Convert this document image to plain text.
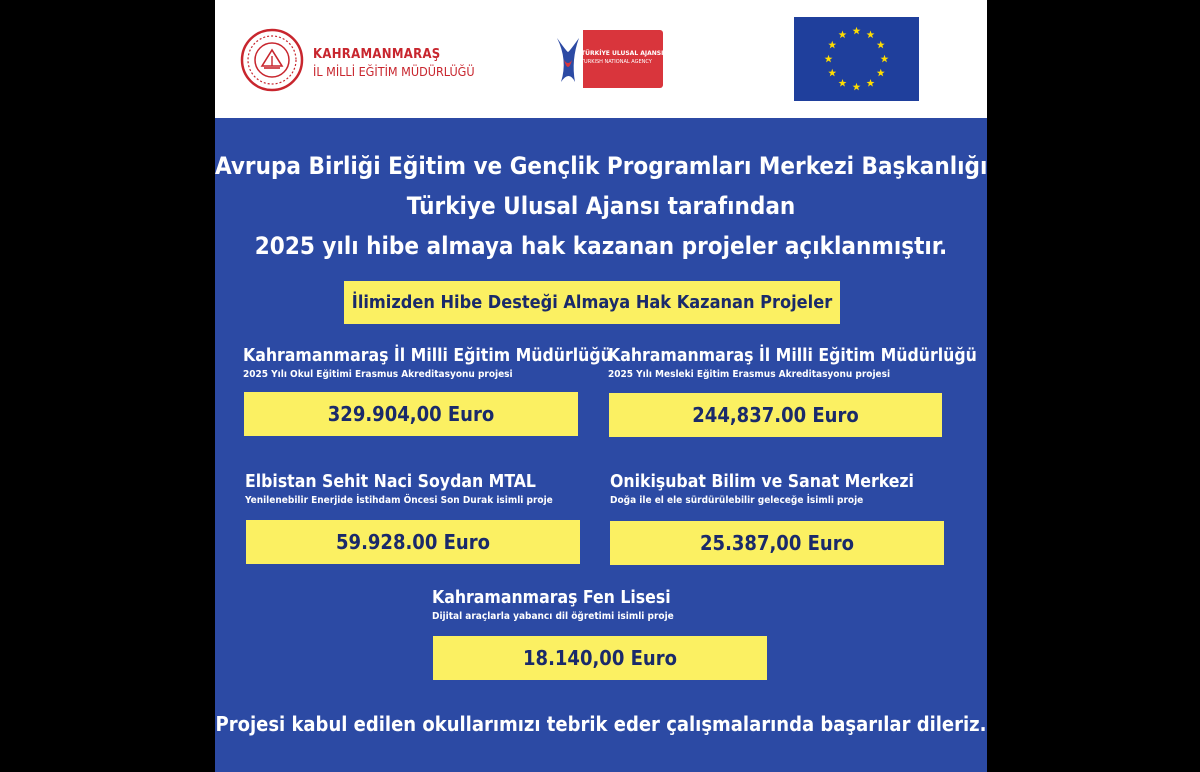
KAHRAMANMARAŞ
İL MİLLİ EĞİTİM MÜDÜRLÜĞÜ
TÜRKİYE ULUSAL AJANSI
TURKISH NATIONAL AGENCY
Avrupa Birliği Eğitim ve Gençlik Programları Merkezi Başkanlığı
Türkiye Ulusal Ajansı tarafından
2025 yılı hibe almaya hak kazanan projeler açıklanmıştır.
İlimizden Hibe Desteği Almaya Hak Kazanan Projeler
Kahramanmaraş İl Milli Eğitim Müdürlüğü
2025 Yılı Okul Eğitimi Erasmus Akreditasyonu projesi
329.904,00 Euro
Kahramanmaraş İl Milli Eğitim Müdürlüğü
2025 Yılı Mesleki Eğitim Erasmus Akreditasyonu projesi
244,837.00 Euro
Elbistan Sehit Naci Soydan MTAL
Yenilenebilir Enerjide İstihdam Öncesi Son Durak isimli proje
59.928.00 Euro
Onikişubat Bilim ve Sanat Merkezi
Doğa ile el ele sürdürülebilir geleceğe İsimli proje
25.387,00 Euro
Kahramanmaraş Fen Lisesi
Dijital araçlarla yabancı dil öğretimi isimli proje
18.140,00 Euro
Projesi kabul edilen okullarımızı tebrik eder çalışmalarında başarılar dileriz.
